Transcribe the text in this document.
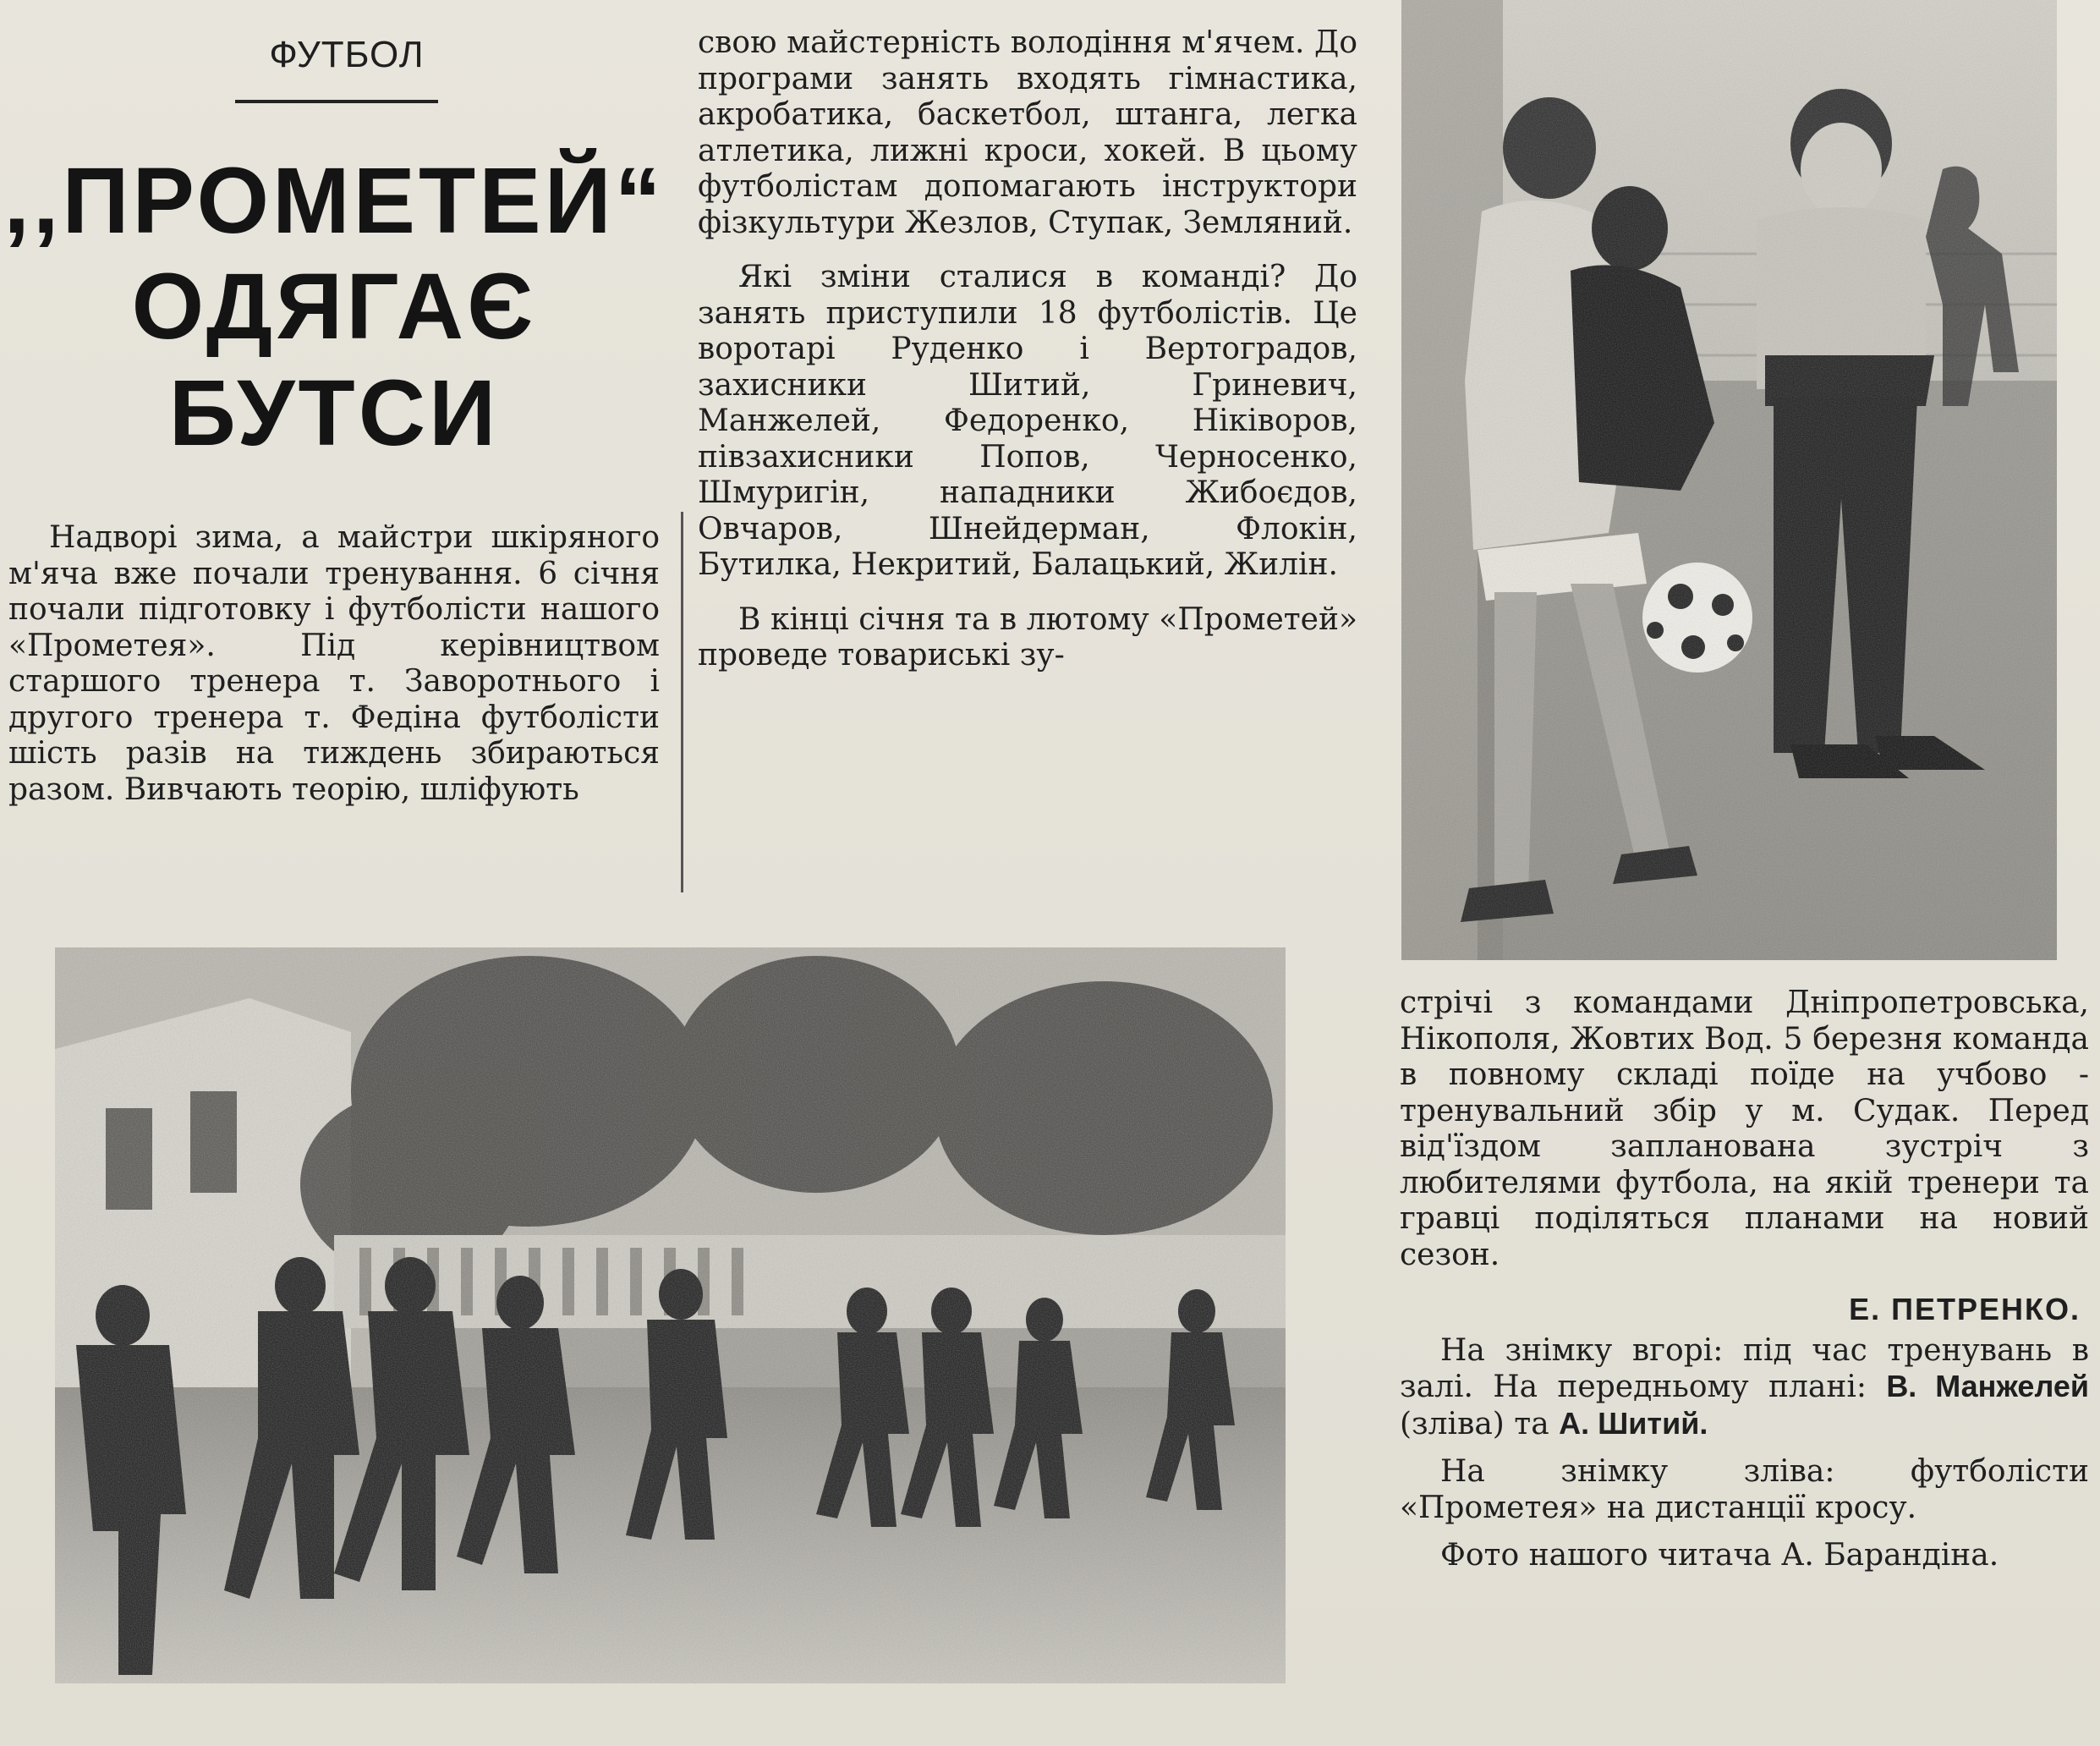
ФУТБОЛ
,,ПРОМЕТЕЙ“
ОДЯГАЄ
БУТСИ

Надворі зима, а майстри шкіряного м'яча вже почали тренування. 6 січня почали підготовку і футболісти нашого «Прометея». Під керівництвом старшого тренера т. Заворотнього і другого тренера т. Федіна футболісти шість разів на тиждень збираються разом. Вивчають теорію, шліфують

свою майстерність володіння м'ячем. До програми занять входять гімнастика, акробатика, баскетбол, штанга, легка атлетика, лижні кроси, хокей. В цьому футболістам допомагають інструктори фізкультури Жезлов, Ступак, Земляний.

Які зміни сталися в команді? До занять приступили 18 футболістів. Це воротарі Руденко і Вертоградов, захисники Шитий, Гриневич, Манжелей, Федоренко, Ніківоров, півзахисники Попов, Черносенко, Шмуригін, нападники Жибоєдов, Овчаров, Шнейдерман, Флокін, Бутилка, Некритий, Балацький, Жилін.

В кінці січня та в лютому «Прометей» проведе товариські зу-

стрічі з командами Дніпропетровська, Нікополя, Жовтих Вод. 5 березня команда в повному складі поїде на учбово - тренувальний збір у м. Судак. Перед від'їздом запланована зустріч з любителями футбола, на якій тренери та гравці поділяться планами на новий сезон.

Е. ПЕТРЕНКО.

На знімку вгорі: під час тренувань в залі. На передньому плані: В. Манжелей (зліва) та А. Шитий.

На знімку зліва: футболісти «Прометея» на дистанції кросу.

Фото нашого читача А. Барандіна.
